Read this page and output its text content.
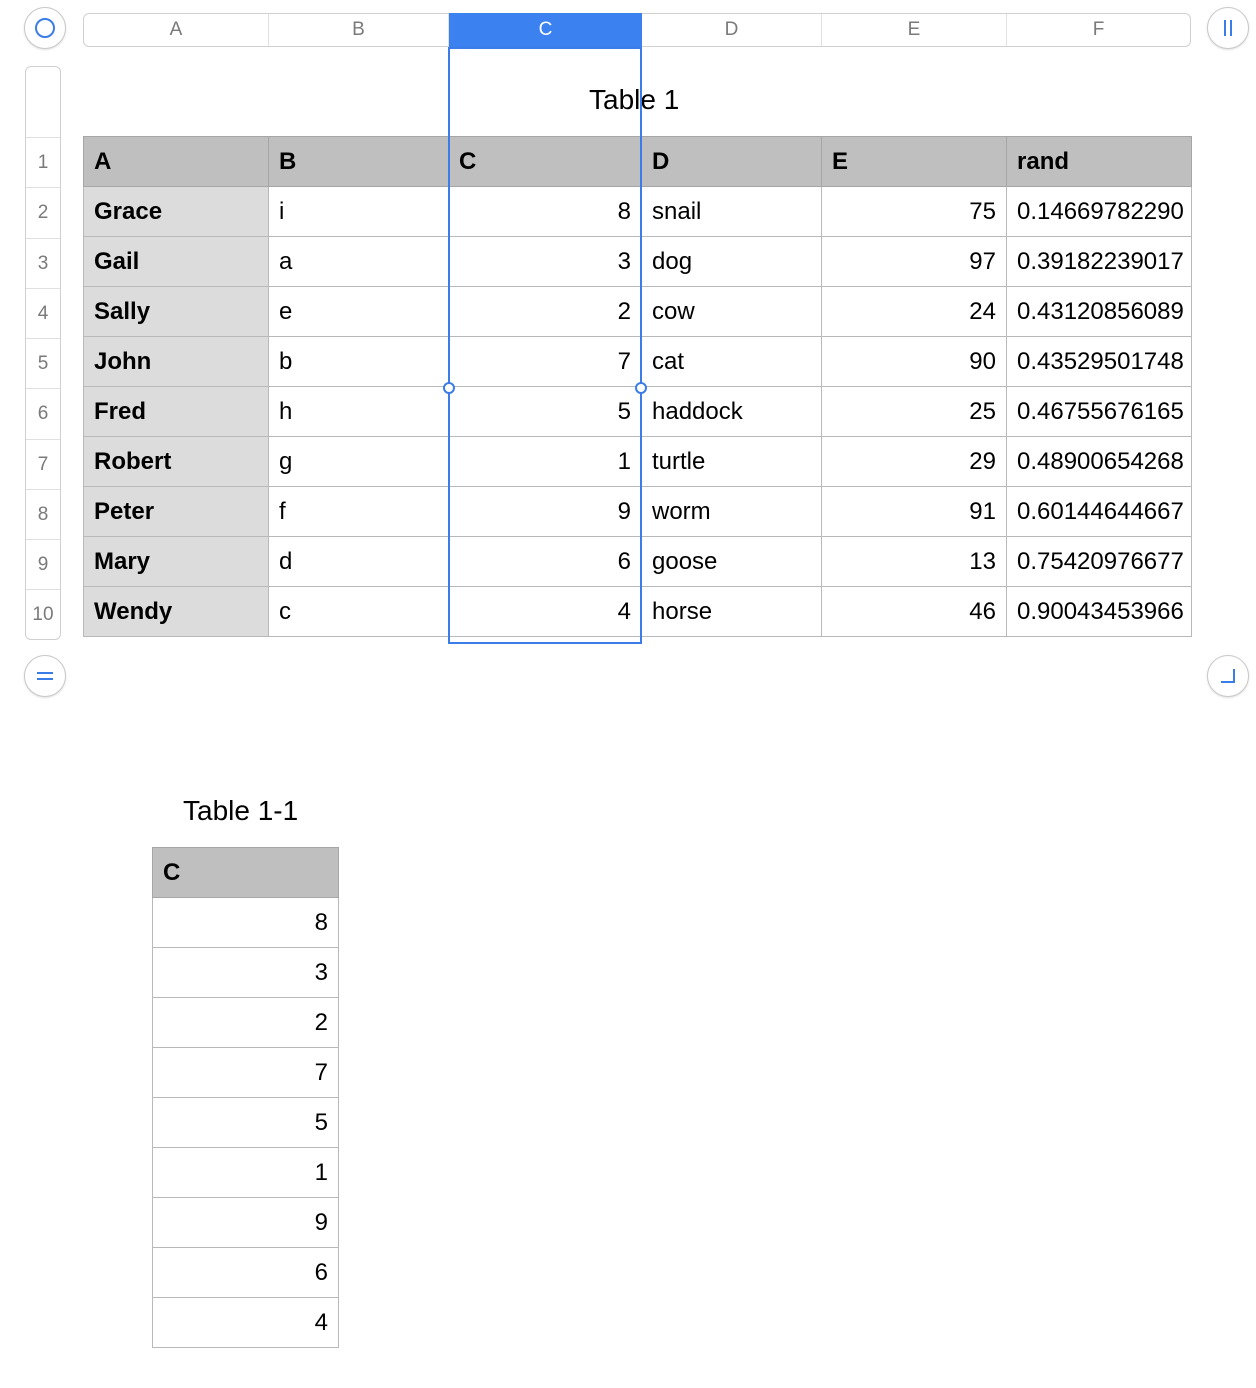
A	B	C	D	E	F
1
2
3
4
5
6
7
8
9
10
Table 1
A	B	C	D	E	rand
Grace	i	8	snail	75	0.14669782290
Gail	a	3	dog	97	0.39182239017
Sally	e	2	cow	24	0.43120856089
John	b	7	cat	90	0.43529501748
Fred	h	5	haddock	25	0.46755676165
Robert	g	1	turtle	29	0.48900654268
Peter	f	9	worm	91	0.60144644667
Mary	d	6	goose	13	0.75420976677
Wendy	c	4	horse	46	0.90043453966
Table 1-1
C
8
3
2
7
5
1
9
6
4
